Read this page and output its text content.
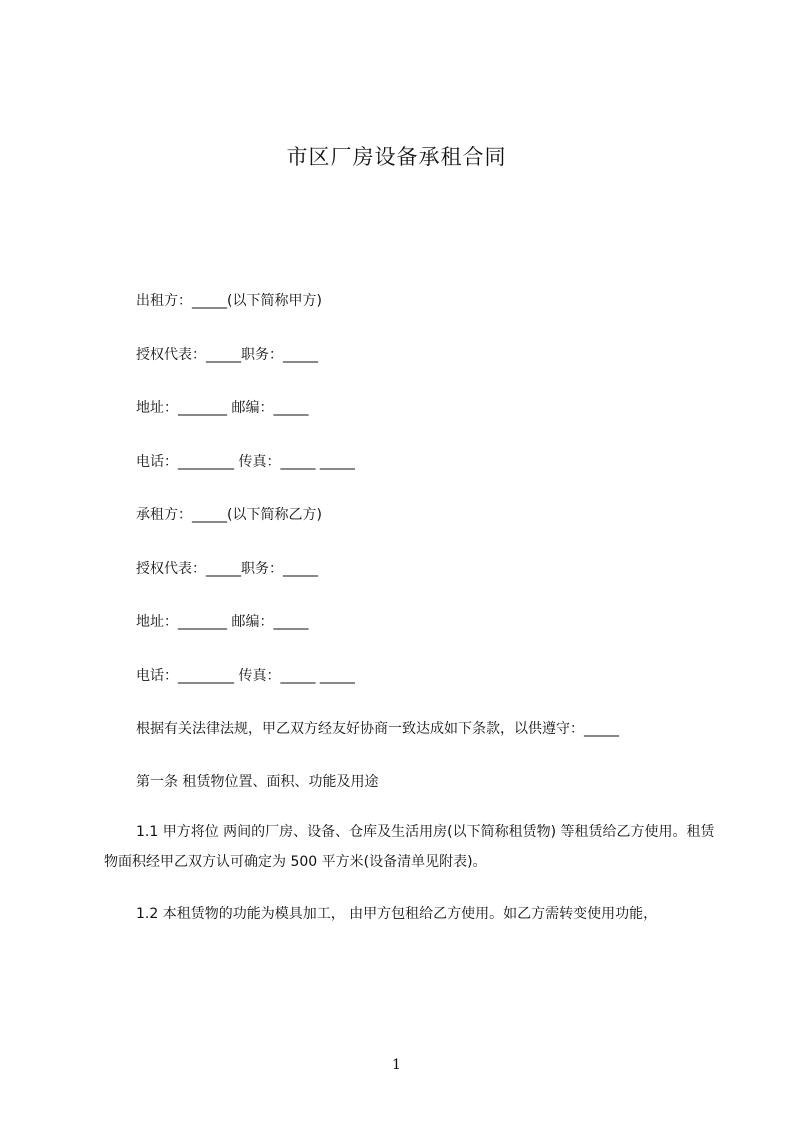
市区厂房设备承租合同
出租方：_____(以下简称甲方)
授权代表：_____职务：_____
地址：_______ 邮编：_____
电话：________ 传真：_____ _____
承租方：_____(以下简称乙方)
授权代表：_____职务：_____
地址：_______ 邮编：_____
电话：________ 传真：_____ _____
根据有关法律法规，甲乙双方经友好协商一致达成如下条款，以供遵守：_____
第一条 租赁物位置、面积、功能及用途
1.1 甲方将位 两间的厂房、设备、仓库及生活用房(以下简称租赁物) 等租赁给乙方使用。租赁物面积经甲乙双方认可确定为 500 平方米(设备清单见附表)。
1.2 本租赁物的功能为模具加工， 由甲方包租给乙方使用。如乙方需转变使用功能，
1
